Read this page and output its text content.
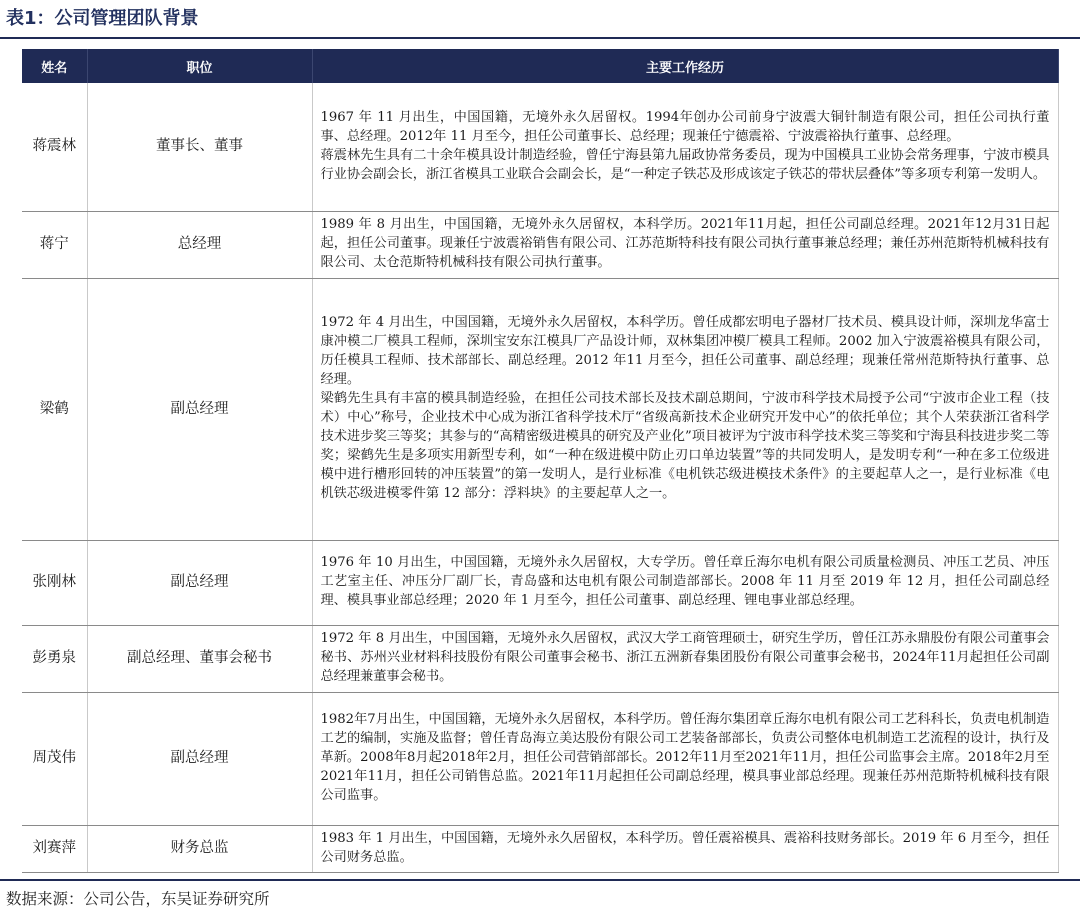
表1：公司管理团队背景
姓名	职位	主要工作经历
蒋震林	董事长、董事	1967 年 11 月出生，中国国籍，无境外永久居留权。1994年创办公司前身宁波震大铜针制造有限公司，担任公司执行董事、总经理。2012年 11 月至今，担任公司董事长、总经理；现兼任宁德震裕、宁波震裕执行董事、总经理。

蒋震林先生具有二十余年模具设计制造经验，曾任宁海县第九届政协常务委员，现为中国模具工业协会常务理事，宁波市模具行业协会副会长，浙江省模具工业联合会副会长，是“一种定子铁芯及形成该定子铁芯的带状层叠体”等多项专利第一发明人。

蒋宁	总经理	1989 年 8 月出生，中国国籍，无境外永久居留权，本科学历。2021年11月起，担任公司副总经理。2021年12月31日起起，担任公司董事。现兼任宁波震裕销售有限公司、江苏范斯特科技有限公司执行董事兼总经理；兼任苏州范斯特机械科技有限公司、太仓范斯特机械科技有限公司执行董事。

梁鹤	副总经理	1972 年 4 月出生，中国国籍，无境外永久居留权，本科学历。曾任成都宏明电子器材厂技术员、模具设计师，深圳龙华富士康冲模二厂模具工程师，深圳宝安东江模具厂产品设计师，双林集团冲模厂模具工程师。2002 加入宁波震裕模具有限公司，历任模具工程师、技术部部长、副总经理。2012 年11 月至今，担任公司董事、副总经理；现兼任常州范斯特执行董事、总经理。

梁鹤先生具有丰富的模具制造经验，在担任公司技术部长及技术副总期间，宁波市科学技术局授予公司“宁波市企业工程（技术）中心”称号，企业技术中心成为浙江省科学技术厅“省级高新技术企业研究开发中心”的依托单位；其个人荣获浙江省科学技术进步奖三等奖；其参与的“高精密级进模具的研究及产业化”项目被评为宁波市科学技术奖三等奖和宁海县科技进步奖二等奖；梁鹤先生是多项实用新型专利，如“一种在级进模中防止刃口单边装置”等的共同发明人，是发明专利“一种在多工位级进模中进行槽形回转的冲压装置”的第一发明人，是行业标准《电机铁芯级进模技术条件》的主要起草人之一，是行业标准《电机铁芯级进模零件第 12 部分：浮料块》的主要起草人之一。

张刚林	副总经理	1976 年 10 月出生，中国国籍，无境外永久居留权，大专学历。曾任章丘海尔电机有限公司质量检测员、冲压工艺员、冲压工艺室主任、冲压分厂副厂长，青岛盛和达电机有限公司制造部部长。2008 年 11 月至 2019 年 12 月，担任公司副总经理、模具事业部总经理；2020 年 1 月至今，担任公司董事、副总经理、锂电事业部总经理。

彭勇泉	副总经理、董事会秘书	1972 年 8 月出生，中国国籍，无境外永久居留权，武汉大学工商管理硕士，研究生学历，曾任江苏永鼎股份有限公司董事会秘书、苏州兴业材料科技股份有限公司董事会秘书、浙江五洲新春集团股份有限公司董事会秘书，2024年11月起担任公司副总经理兼董事会秘书。

周茂伟	副总经理	1982年7月出生，中国国籍，无境外永久居留权，本科学历。曾任海尔集团章丘海尔电机有限公司工艺科科长，负责电机制造工艺的编制，实施及监督；曾任青岛海立美达股份有限公司工艺装备部部长，负责公司整体电机制造工艺流程的设计，执行及革新。2008年8月起2018年2月，担任公司营销部部长。2012年11月至2021年11月，担任公司监事会主席。2018年2月至2021年11月，担任公司销售总监。2021年11月起担任公司副总经理，模具事业部总经理。现兼任苏州范斯特机械科技有限公司监事。

刘赛萍	财务总监	1983 年 1 月出生，中国国籍，无境外永久居留权，本科学历。曾任震裕模具、震裕科技财务部长。2019 年 6 月至今，担任公司财务总监。

数据来源：公司公告，东吴证券研究所
